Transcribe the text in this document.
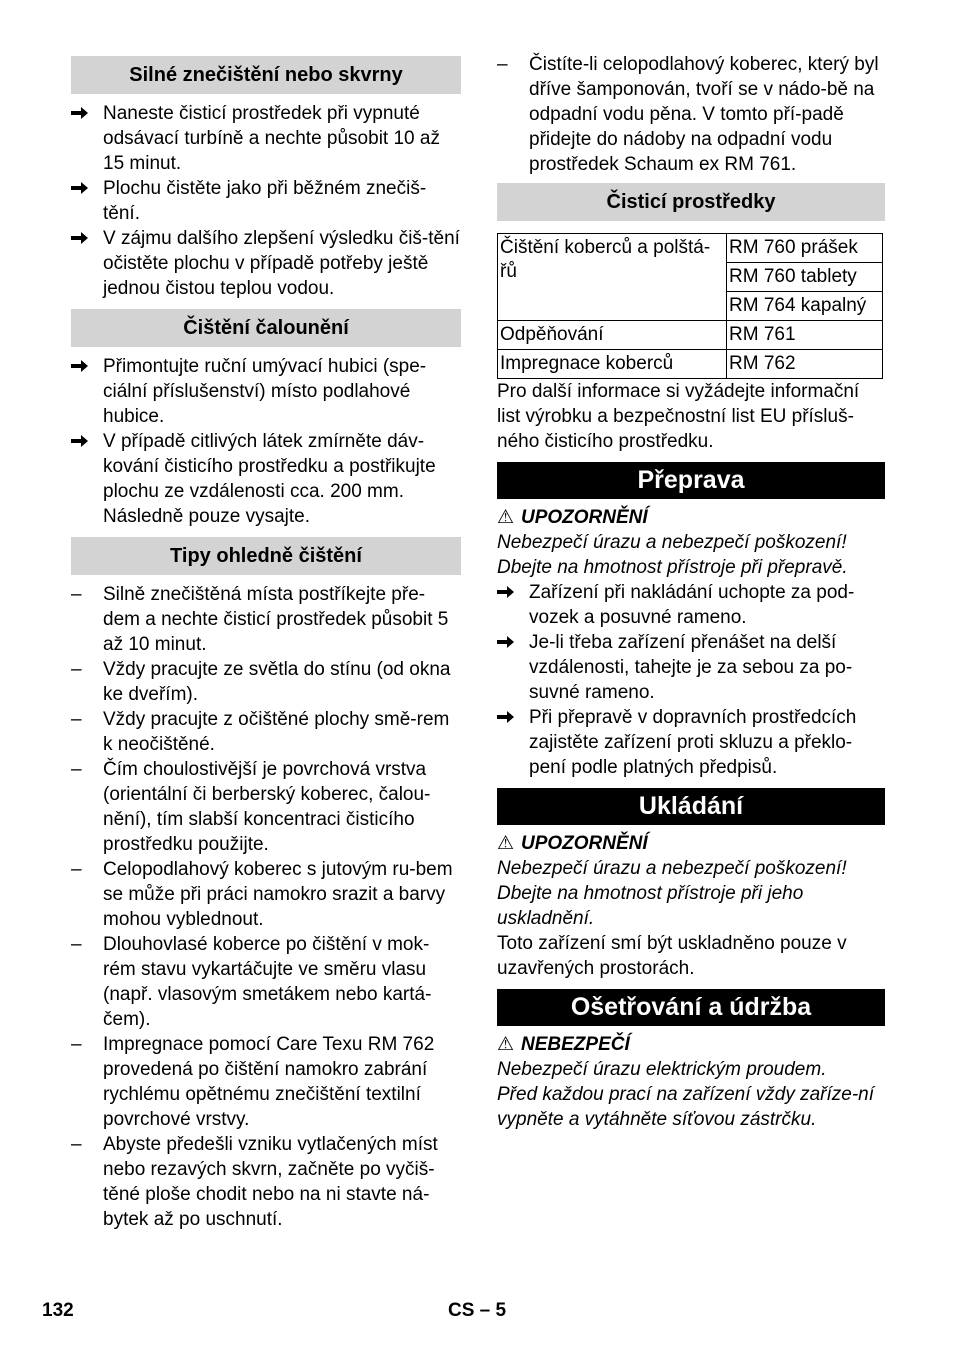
Silné znečištění nebo skvrny
Naneste čisticí prostředek při vypnuté odsávací turbíně a nechte působit 10 až 15 minut.
Plochu čistěte jako při běžném znečiš-tění.
V zájmu dalšího zlepšení výsledku čiš-tění očistěte plochu v případě potřeby ještě jednou čistou teplou vodou.
Čištění čalounění
Přimontujte ruční umývací hubici (spe-ciální příslušenství) místo podlahové hubice.
V případě citlivých látek zmírněte dáv-kování čisticího prostředku a postřikujte plochu ze vzdálenosti cca. 200 mm. Následně pouze vysajte.
Tipy ohledně čištění
– Silně znečištěná místa postříkejte pře-dem a nechte čisticí prostředek působit 5 až 10 minut.
– Vždy pracujte ze světla do stínu (od okna ke dveřím).
– Vždy pracujte z očištěné plochy smě-rem k neočištěné.
– Čím choulostivější je povrchová vrstva (orientální či berberský koberec, čalou-nění), tím slabší koncentraci čisticího prostředku použijte.
– Celopodlahový koberec s jutovým ru-bem se může při práci namokro srazit a barvy mohou vyblednout.
– Dlouhovlasé koberce po čištění v mok-rém stavu vykartáčujte ve směru vlasu (např. vlasovým smetákem nebo kartá-čem).
– Impregnace pomocí Care Texu RM 762 provedená po čištění namokro zabrání rychlému opětnému znečištění textilní povrchové vrstvy.
– Abyste předešli vzniku vytlačených míst nebo rezavých skvrn, začněte po vyčiš-těné ploše chodit nebo na ni stavte ná-bytek až po uschnutí.
– Čistíte-li celopodlahový koberec, který byl dříve šamponován, tvoří se v nádo-bě na odpadní vodu pěna. V tomto pří-padě přidejte do nádoby na odpadní vodu prostředek Schaum ex RM 761.
Čisticí prostředky
Čištění koberců a polštá-řů	RM 760 prášek
	RM 760 tablety
	RM 764 kapalný
Odpěňování	RM 761
Impregnace koberců	RM 762

Pro další informace si vyžádejte informační list výrobku a bezpečnostní list EU přísluš-ného čisticího prostředku.

Přeprava

⚠ UPOZORNĚNÍ

Nebezpečí úrazu a nebezpečí poškození!

Dbejte na hmotnost přístroje při přepravě.

Zařízení při nakládání uchopte za pod-vozek a posuvné rameno.
Je-li třeba zařízení přenášet na delší vzdálenosti, tahejte je za sebou za po-suvné rameno.
Při přepravě v dopravních prostředcích zajistěte zařízení proti skluzu a překlo-pení podle platných předpisů.
Ukládání

⚠ UPOZORNĚNÍ

Nebezpečí úrazu a nebezpečí poškození!

Dbejte na hmotnost přístroje při jeho uskladnění.

Toto zařízení smí být uskladněno pouze v uzavřených prostorách.

Ošetřování a údržba

⚠ NEBEZPEČÍ

Nebezpečí úrazu elektrickým proudem.

Před každou prací na zařízení vždy zaříze-ní vypněte a vytáhněte síťovou zástrčku.

132	CS – 5
